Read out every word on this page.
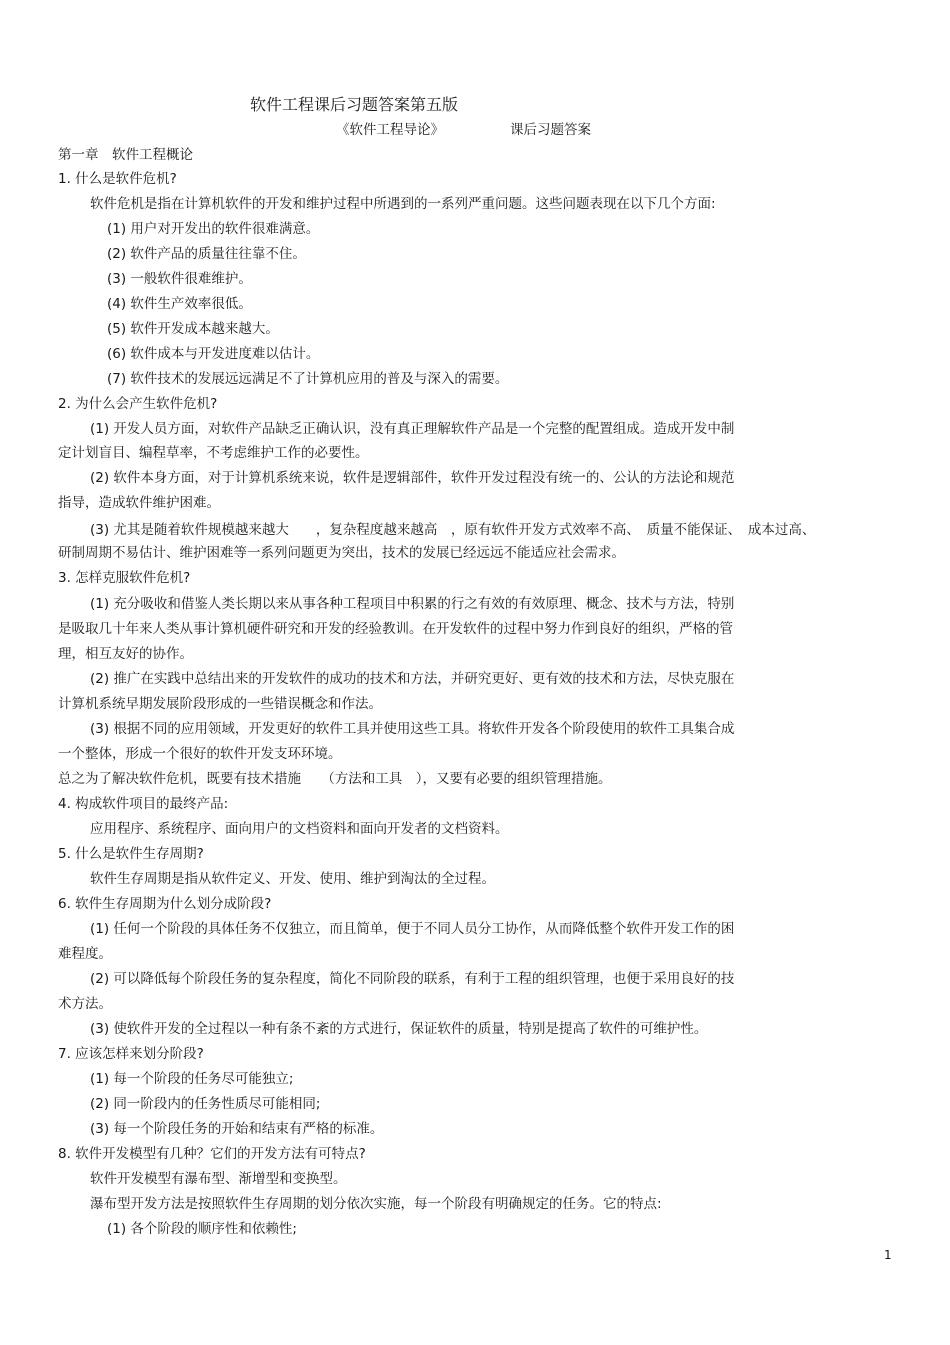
软件工程课后习题答案第五版
《软件工程导论》	课后习题答案
第一章　软件工程概论
1. 什么是软件危机?
软件危机是指在计算机软件的开发和维护过程中所遇到的一系列严重问题。这些问题表现在以下几个方面:
(1) 用户对开发出的软件很难满意。
(2) 软件产品的质量往往靠不住。
(3) 一般软件很难维护。
(4) 软件生产效率很低。
(5) 软件开发成本越来越大。
(6) 软件成本与开发进度难以估计。
(7) 软件技术的发展远远满足不了计算机应用的普及与深入的需要。
2. 为什么会产生软件危机?
(1) 开发人员方面，对软件产品缺乏正确认识，没有真正理解软件产品是一个完整的配置组成。造成开发中制
定计划盲目、编程草率，不考虑维护工作的必要性。
(2) 软件本身方面，对于计算机系统来说，软件是逻辑部件，软件开发过程没有统一的、公认的方法论和规范
指导，造成软件维护困难。
(3) 尤其是随着软件规模越来越大　　，复杂程度越来越高　，原有软件开发方式效率不高、　质量不能保证、　成本过高、
研制周期不易估计、维护困难等一系列问题更为突出，技术的发展已经远远不能适应社会需求。
3. 怎样克服软件危机?
(1) 充分吸收和借鉴人类长期以来从事各种工程项目中积累的行之有效的有效原理、概念、技术与方法，特别
是吸取几十年来人类从事计算机硬件研究和开发的经验教训。在开发软件的过程中努力作到良好的组织，严格的管
理，相互友好的协作。
(2) 推广在实践中总结出来的开发软件的成功的技术和方法，并研究更好、更有效的技术和方法，尽快克服在
计算机系统早期发展阶段形成的一些错误概念和作法。
(3) 根据不同的应用领域，开发更好的软件工具并使用这些工具。将软件开发各个阶段使用的软件工具集合成
一个整体，形成一个很好的软件开发支环环境。
总之为了解决软件危机，既要有技术措施　　（方法和工具　），又要有必要的组织管理措施。
4. 构成软件项目的最终产品:
应用程序、系统程序、面向用户的文档资料和面向开发者的文档资料。
5. 什么是软件生存周期?
软件生存周期是指从软件定义、开发、使用、维护到淘汰的全过程。
6. 软件生存周期为什么划分成阶段?
(1) 任何一个阶段的具体任务不仅独立，而且简单，便于不同人员分工协作，从而降低整个软件开发工作的困
难程度。
(2) 可以降低每个阶段任务的复杂程度，简化不同阶段的联系，有利于工程的组织管理，也便于采用良好的技
术方法。
(3) 使软件开发的全过程以一种有条不紊的方式进行，保证软件的质量，特别是提高了软件的可维护性。
7. 应该怎样来划分阶段?
(1) 每一个阶段的任务尽可能独立;
(2) 同一阶段内的任务性质尽可能相同;
(3) 每一个阶段任务的开始和结束有严格的标准。
8. 软件开发模型有几种？它们的开发方法有可特点?
软件开发模型有瀑布型、渐增型和变换型。
瀑布型开发方法是按照软件生存周期的划分依次实施，每一个阶段有明确规定的任务。它的特点:
(1) 各个阶段的顺序性和依赖性;
1
